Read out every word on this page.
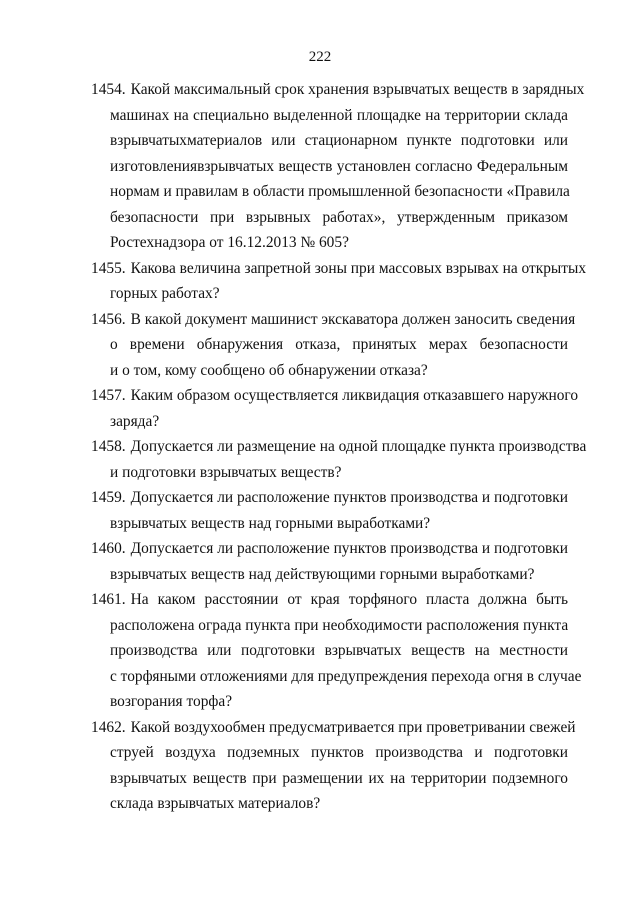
222
1454. Какой максимальный срок хранения взрывчатых веществ в зарядных
машинах на специально выделенной площадке на территории склада
взрывчатыхматериалов или стационарном пункте подготовки или
изготовлениявзрывчатых веществ установлен согласно Федеральным
нормам и правилам в области промышленной безопасности «Правила
безопасности при взрывных работах», утвержденным приказом
Ростехнадзора от 16.12.2013 № 605?
1455. Какова величина запретной зоны при массовых взрывах на открытых
горных работах?
1456. В какой документ машинист экскаватора должен заносить сведения
о времени обнаружения отказа, принятых мерах безопасности
и о том, кому сообщено об обнаружении отказа?
1457. Каким образом осуществляется ликвидация отказавшего наружного
заряда?
1458. Допускается ли размещение на одной площадке пункта производства
и подготовки взрывчатых веществ?
1459. Допускается ли расположение пунктов производства и подготовки
взрывчатых веществ над горными выработками?
1460. Допускается ли расположение пунктов производства и подготовки
взрывчатых веществ над действующими горными выработками?
1461. На каком расстоянии от края торфяного пласта должна быть
расположена ограда пункта при необходимости расположения пункта
производства или подготовки взрывчатых веществ на местности
с торфяными отложениями для предупреждения перехода огня в случае
возгорания торфа?
1462. Какой воздухообмен предусматривается при проветривании свежей
струей воздуха подземных пунктов производства и подготовки
взрывчатых веществ при размещении их на территории подземного
склада взрывчатых материалов?
